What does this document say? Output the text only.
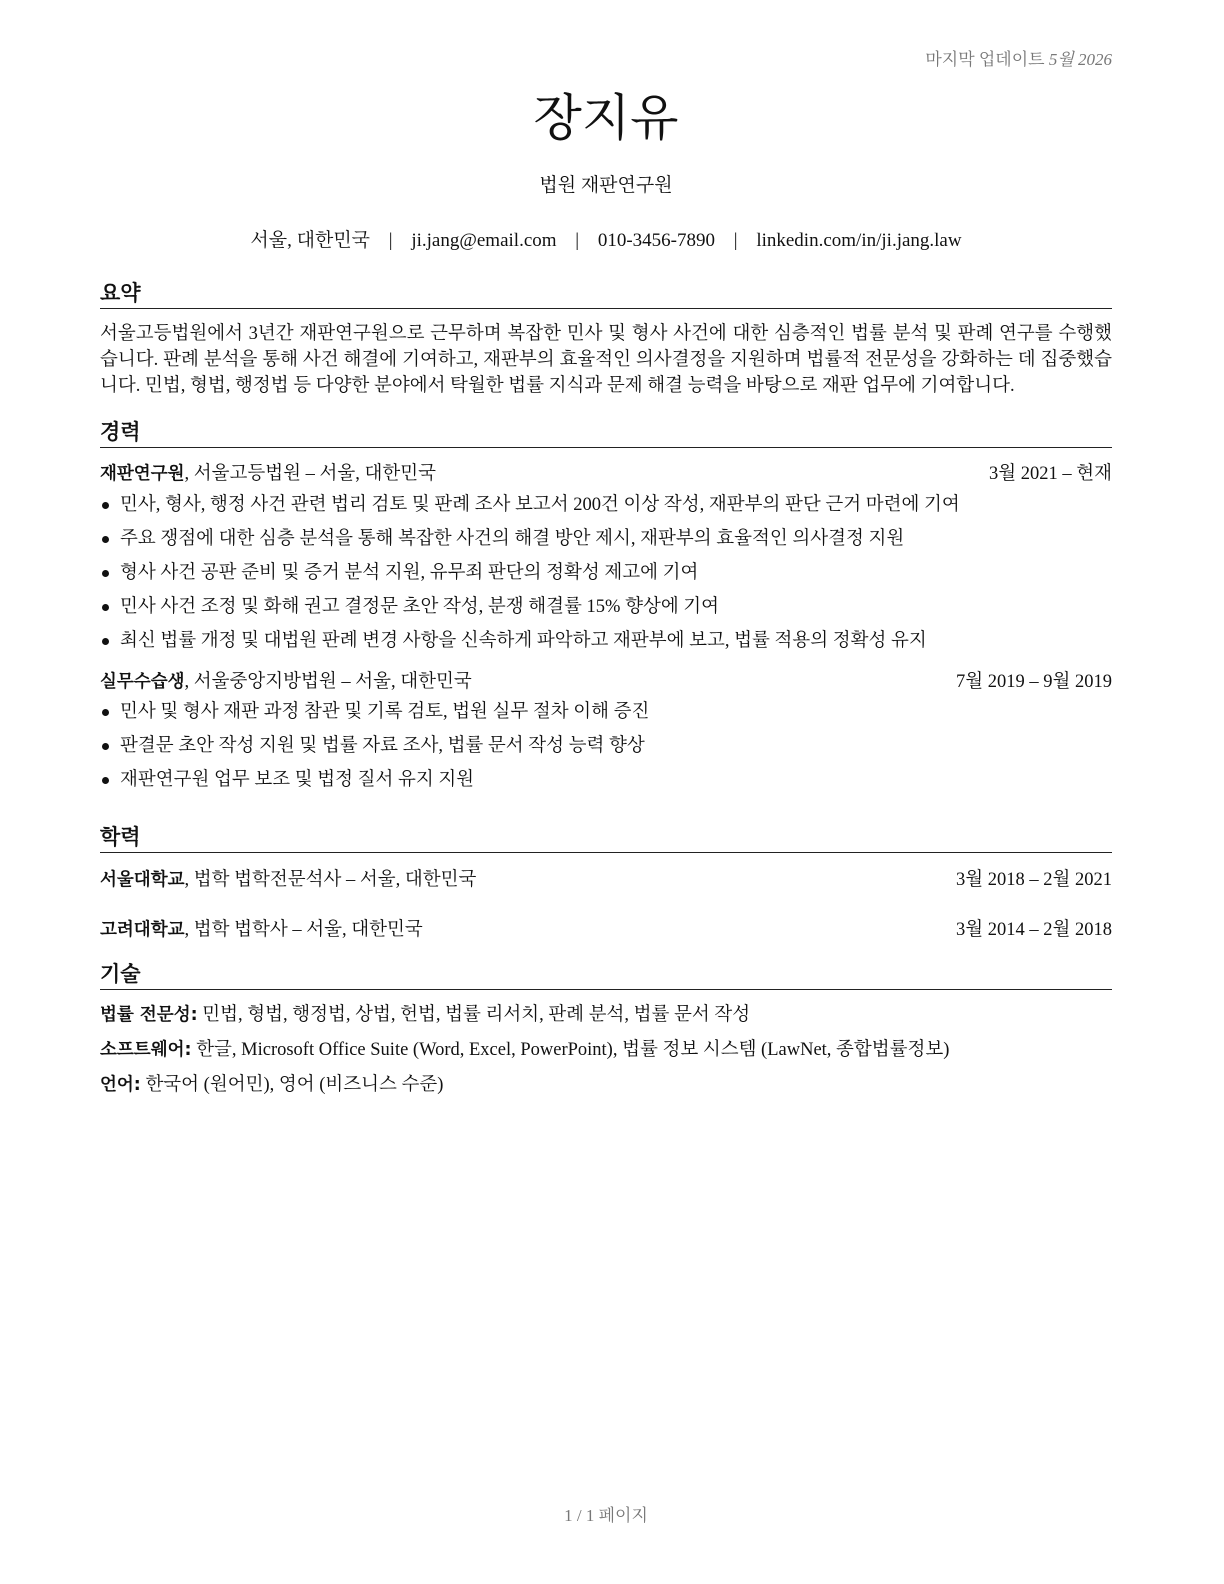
마지막 업데이트 5월 2026
장지유
법원 재판연구원
서울, 대한민국 | ji.jang@email.com | 010-3456-7890 | linkedin.com/in/ji.jang.law
요약
서울고등법원에서 3년간 재판연구원으로 근무하며 복잡한 민사 및 형사 사건에 대한 심층적인 법률 분석 및 판례 연구를 수행했습니다. 판례 분석을 통해 사건 해결에 기여하고, 재판부의 효율적인 의사결정을 지원하며 법률적 전문성을 강화하는 데 집중했습니다. 민법, 형법, 행정법 등 다양한 분야에서 탁월한 법률 지식과 문제 해결 능력을 바탕으로 재판 업무에 기여합니다.
경력
재판연구원, 서울고등법원 – 서울, 대한민국	3월 2021 – 현재
민사, 형사, 행정 사건 관련 법리 검토 및 판례 조사 보고서 200건 이상 작성, 재판부의 판단 근거 마련에 기여
주요 쟁점에 대한 심층 분석을 통해 복잡한 사건의 해결 방안 제시, 재판부의 효율적인 의사결정 지원
형사 사건 공판 준비 및 증거 분석 지원, 유무죄 판단의 정확성 제고에 기여
민사 사건 조정 및 화해 권고 결정문 초안 작성, 분쟁 해결률 15% 향상에 기여
최신 법률 개정 및 대법원 판례 변경 사항을 신속하게 파악하고 재판부에 보고, 법률 적용의 정확성 유지
실무수습생, 서울중앙지방법원 – 서울, 대한민국	7월 2019 – 9월 2019
민사 및 형사 재판 과정 참관 및 기록 검토, 법원 실무 절차 이해 증진
판결문 초안 작성 지원 및 법률 자료 조사, 법률 문서 작성 능력 향상
재판연구원 업무 보조 및 법정 질서 유지 지원
학력
서울대학교, 법학 법학전문석사 – 서울, 대한민국	3월 2018 – 2월 2021
고려대학교, 법학 법학사 – 서울, 대한민국	3월 2014 – 2월 2018
기술
법률 전문성: 민법, 형법, 행정법, 상법, 헌법, 법률 리서치, 판례 분석, 법률 문서 작성
소프트웨어: 한글, Microsoft Office Suite (Word, Excel, PowerPoint), 법률 정보 시스템 (LawNet, 종합법률정보)
언어: 한국어 (원어민), 영어 (비즈니스 수준)
1 / 1 페이지
